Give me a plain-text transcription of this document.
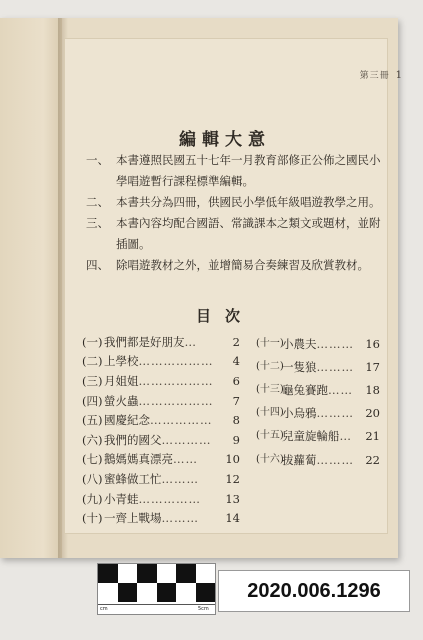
第三冊 1
編輯大意
一、 本書遵照民國五十七年一月教育部修正公佈之國民小學唱遊暫行課程標準編輯。
二、 本書共分為四冊，供國民小學低年級唱遊教學之用。
三、 本書內容均配合國語、常識課本之類文或題材，並附插圖。
四、 除唱遊教材之外，並增簡易合奏練習及欣賞教材。
目次
(一) 我們都是好朋友 …	2
(二) 上學校 ………………	4
(三) 月姐姐 ………………	6
(四) 螢火蟲 ………………	7
(五) 國慶紀念 ……………	8
(六) 我們的國父 …………	9
(七) 鵝媽媽真漂亮 ……	10
(八) 蜜蜂做工忙 ………	12
(九) 小青蛙 ……………	13
(十) 一齊上戰場 ………	14
(十一)
小農夫 ……… 16
(十二)
一隻狼 ……… 17
(十三)
龜兔賽跑 ……	18
(十四)
小烏鴉 ……… 20
(十五)
兒童旋輪船 …	21
(十六)
拔蘿蔔 ……… 22
cm	5cm
2020.006.1296
